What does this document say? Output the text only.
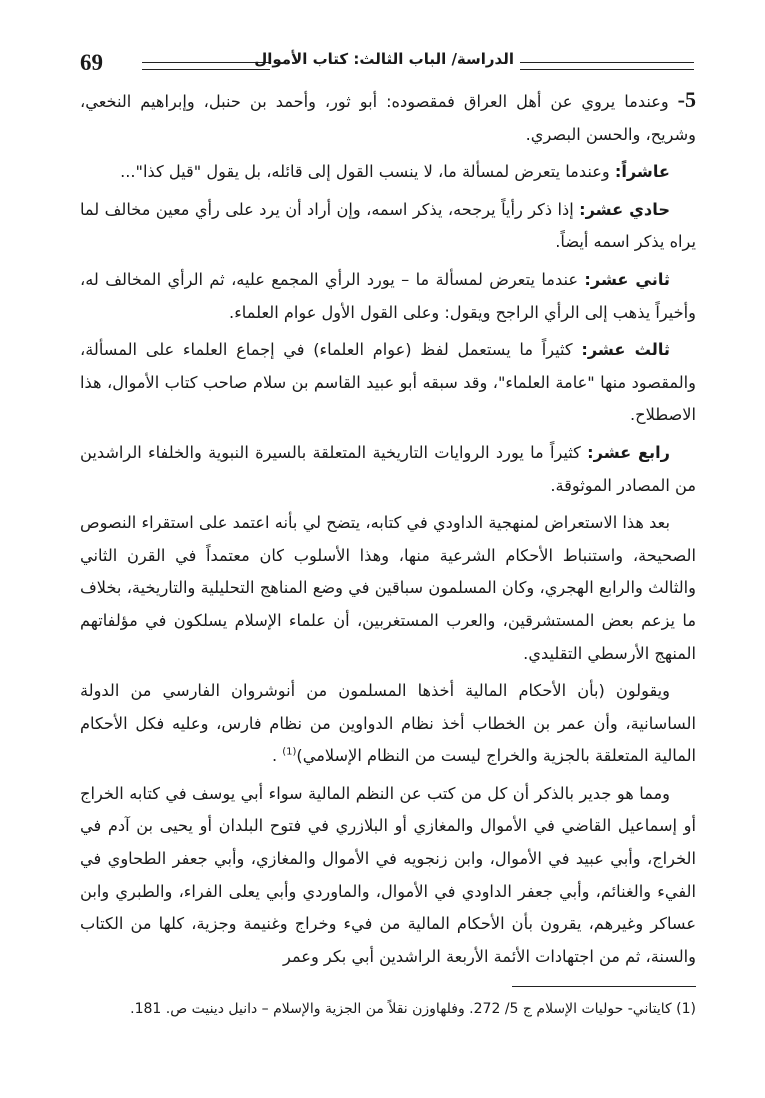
69	الدراسة/ الباب الثالث: كتاب الأموال

5- وعندما يروي عن أهل العراق فمقصوده: أبو ثور، وأحمد بن حنبل، وإبراهيم النخعي، وشريح، والحسن البصري.

عاشراً: وعندما يتعرض لمسألة ما، لا ينسب القول إلى قائله، بل يقول "قيل كذا"...

حادي عشر: إذا ذكر رأياً يرجحه، يذكر اسمه، وإن أراد أن يرد على رأي معين مخالف لما يراه يذكر اسمه أيضاً.

ثاني عشر: عندما يتعرض لمسألة ما – يورد الرأي المجمع عليه، ثم الرأي المخالف له، وأخيراً يذهب إلى الرأي الراجح ويقول: وعلى القول الأول عوام العلماء.

ثالث عشر: كثيراً ما يستعمل لفظ (عوام العلماء) في إجماع العلماء على المسألة، والمقصود منها "عامة العلماء"، وقد سبقه أبو عبيد القاسم بن سلام صاحب كتاب الأموال، هذا الاصطلاح.

رابع عشر: كثيراً ما يورد الروايات التاريخية المتعلقة بالسيرة النبوية والخلفاء الراشدين من المصادر الموثوقة.

بعد هذا الاستعراض لمنهجية الداودي في كتابه، يتضح لي بأنه اعتمد على استقراء النصوص الصحيحة، واستنباط الأحكام الشرعية منها، وهذا الأسلوب كان معتمداً في القرن الثاني والثالث والرابع الهجري، وكان المسلمون سباقين في وضع المناهج التحليلية والتاريخية، بخلاف ما يزعم بعض المستشرقين، والعرب المستغربين، أن علماء الإسلام يسلكون في مؤلفاتهم المنهج الأرسطي التقليدي.

ويقولون (بأن الأحكام المالية أخذها المسلمون من أنوشروان الفارسي من الدولة الساسانية، وأن عمر بن الخطاب أخذ نظام الدواوين من نظام فارس، وعليه فكل الأحكام المالية المتعلقة بالجزية والخراج ليست من النظام الإسلامي)$^{(1)}$ .

ومما هو جدير بالذكر أن كل من كتب عن النظم المالية سواء أبي يوسف في كتابه الخراج أو إسماعيل القاضي في الأموال والمغازي أو البلازري في فتوح البلدان أو يحيى بن آدم في الخراج، وأبي عبيد في الأموال، وابن زنجويه في الأموال والمغازي، وأبي جعفر الطحاوي في الفيء والغنائم، وأبي جعفر الداودي في الأموال، والماوردي وأبي يعلى الفراء، والطبري وابن عساكر وغيرهم، يقرون بأن الأحكام المالية من فيء وخراج وغنيمة وجزية، كلها من الكتاب والسنة، ثم من اجتهادات الأئمة الأربعة الراشدين أبي بكر وعمر

(1) كايتاني- حوليات الإسلام ج 5/ 272. وفلهاوزن نقلاً من الجزية والإسلام – دانيل دينيت ص. 181.
